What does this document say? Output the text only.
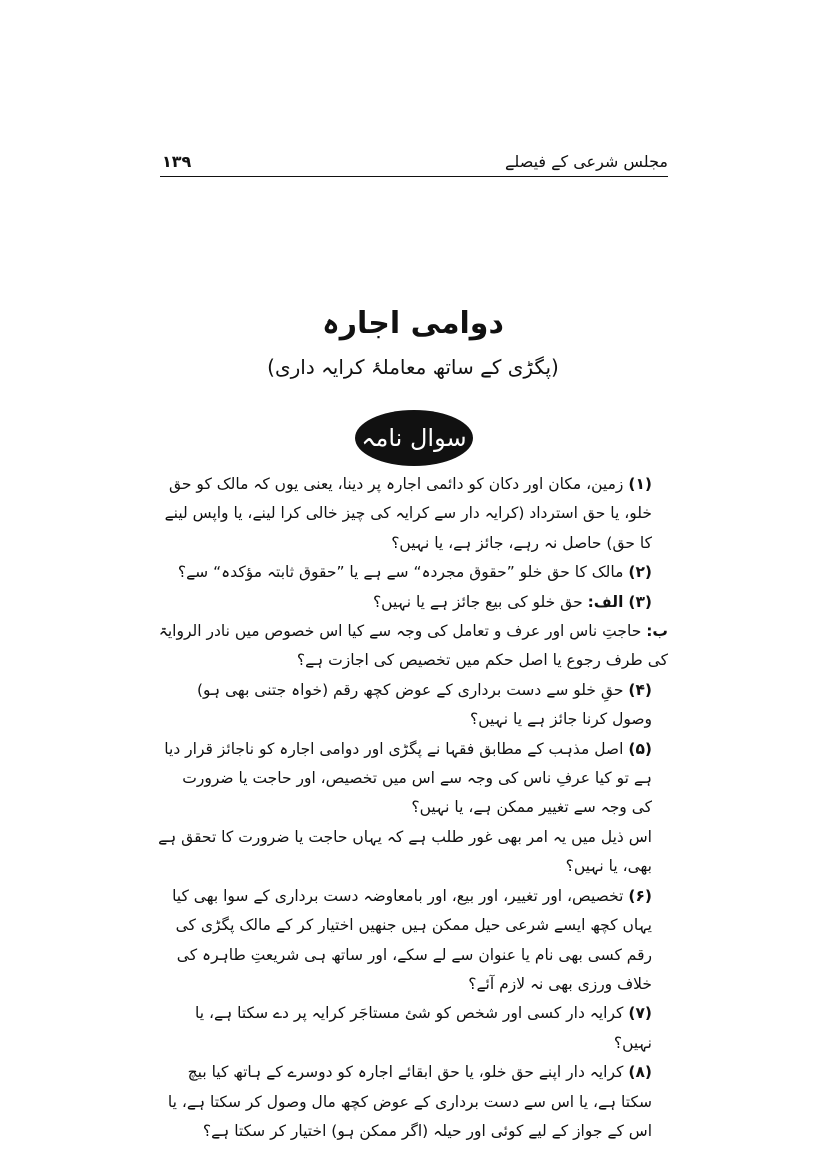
مجلس شرعی کے فیصلے
۱۳۹
دوامی اجارہ
(پگڑی کے ساتھ معاملۂ کرایہ داری)
سوال نامہ

(۱) زمین، مکان اور دکان کو دائمی اجارہ پر دینا، یعنی یوں کہ مالک کو حق خلو، یا حق استرداد (کرایہ دار سے کرایہ کی چیز خالی کرا لینے، یا واپس لینے کا حق) حاصل نہ رہے، جائز ہے، یا نہیں؟

(۲) مالک کا حق خلو ”حقوق مجردہ“ سے ہے یا ”حقوق ثابتہ مؤکدہ“ سے؟

(۳) الف: حق خلو کی بیع جائز ہے یا نہیں؟

ب: حاجتِ ناس اور عرف و تعامل کی وجہ سے کیا اس خصوص میں نادر الروایۃ کی طرف رجوع یا اصل حکم میں تخصیص کی اجازت ہے؟

(۴) حقِ خلو سے دست برداری کے عوض کچھ رقم (خواہ جتنی بھی ہو) وصول کرنا جائز ہے یا نہیں؟

(۵) اصل مذہب کے مطابق فقہا نے پگڑی اور دوامی اجارہ کو ناجائز قرار دیا ہے تو کیا عرفِ ناس کی وجہ سے اس میں تخصیص، اور حاجت یا ضرورت کی وجہ سے تغییر ممکن ہے، یا نہیں؟

اس ذیل میں یہ امر بھی غور طلب ہے کہ یہاں حاجت یا ضرورت کا تحقق ہے بھی، یا نہیں؟

(۶) تخصیص، اور تغییر، اور بیع، اور بامعاوضہ دست برداری کے سوا بھی کیا یہاں کچھ ایسے شرعی حیل ممکن ہیں جنھیں اختیار کر کے مالک پگڑی کی رقم کسی بھی نام یا عنوان سے لے سکے، اور ساتھ ہی شریعتِ طاہرہ کی خلاف ورزی بھی نہ لازم آئے؟

(۷) کرایہ دار کسی اور شخص کو شئ مستاجَر کرایہ پر دے سکتا ہے، یا نہیں؟

(۸) کرایہ دار اپنے حق خلو، یا حق ابقائے اجارہ کو دوسرے کے ہاتھ کیا بیچ سکتا ہے، یا اس سے دست برداری کے عوض کچھ مال وصول کر سکتا ہے، یا اس کے جواز کے لیے کوئی اور حیلہ (اگر ممکن ہو) اختیار کر سکتا ہے؟
